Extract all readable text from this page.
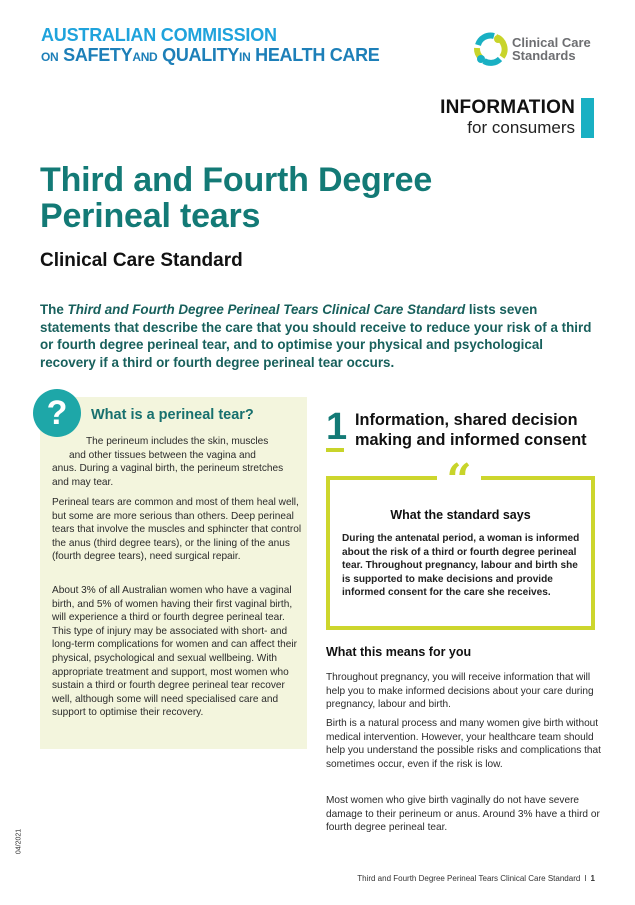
AUSTRALIAN COMMISSION
ON SAFETYAND QUALITYIN HEALTH CARE
Clinical Care
Standards
INFORMATION
for consumers
Third and Fourth Degree
Perineal tears
Clinical Care Standard

The Third and Fourth Degree Perineal Tears Clinical Care Standard lists seven statements that describe the care that you should receive to reduce your risk of a third or fourth degree perineal tear, and to optimise your physical and psychological recovery if a third or fourth degree perineal tear occurs.

What is a perineal tear?

The perineum includes the skin, muscles
and other tissues between the vagina and
anus. During a vaginal birth, the perineum stretches and may tear.

Perineal tears are common and most of them heal well, but some are more serious than others. Deep perineal tears that involve the muscles and sphincter that control the anus (third degree tears), or the lining of the anus (fourth degree tears), need surgical repair.

About 3% of all Australian women who have a vaginal birth, and 5% of women having their first vaginal birth, will experience a third or fourth degree perineal tear. This type of injury may be associated with short- and long-term complications for women and can affect their physical, psychological and sexual wellbeing. With appropriate treatment and support, most women who sustain a third or fourth degree perineal tear recover well, although some will need specialised care and support to optimise their recovery.

?	1 Information, shared decision making and informed consent
What the standard says

During the antenatal period, a woman is informed about the risk of a third or fourth degree perineal tear. Throughout pregnancy, labour and birth she is supported to make decisions and provide informed consent for the care she receives.

“
What this means for you

Throughout pregnancy, you will receive information that will help you to make informed decisions about your care during pregnancy, labour and birth.

Birth is a natural process and many women give birth without medical intervention. However, your healthcare team should help you understand the possible risks and complications that sometimes occur, even if the risk is low.

Most women who give birth vaginally do not have severe damage to their perineum or anus. Around 3% have a third or fourth degree perineal tear.

04/2021
Third and Fourth Degree Perineal Tears Clinical Care Standard I 1
